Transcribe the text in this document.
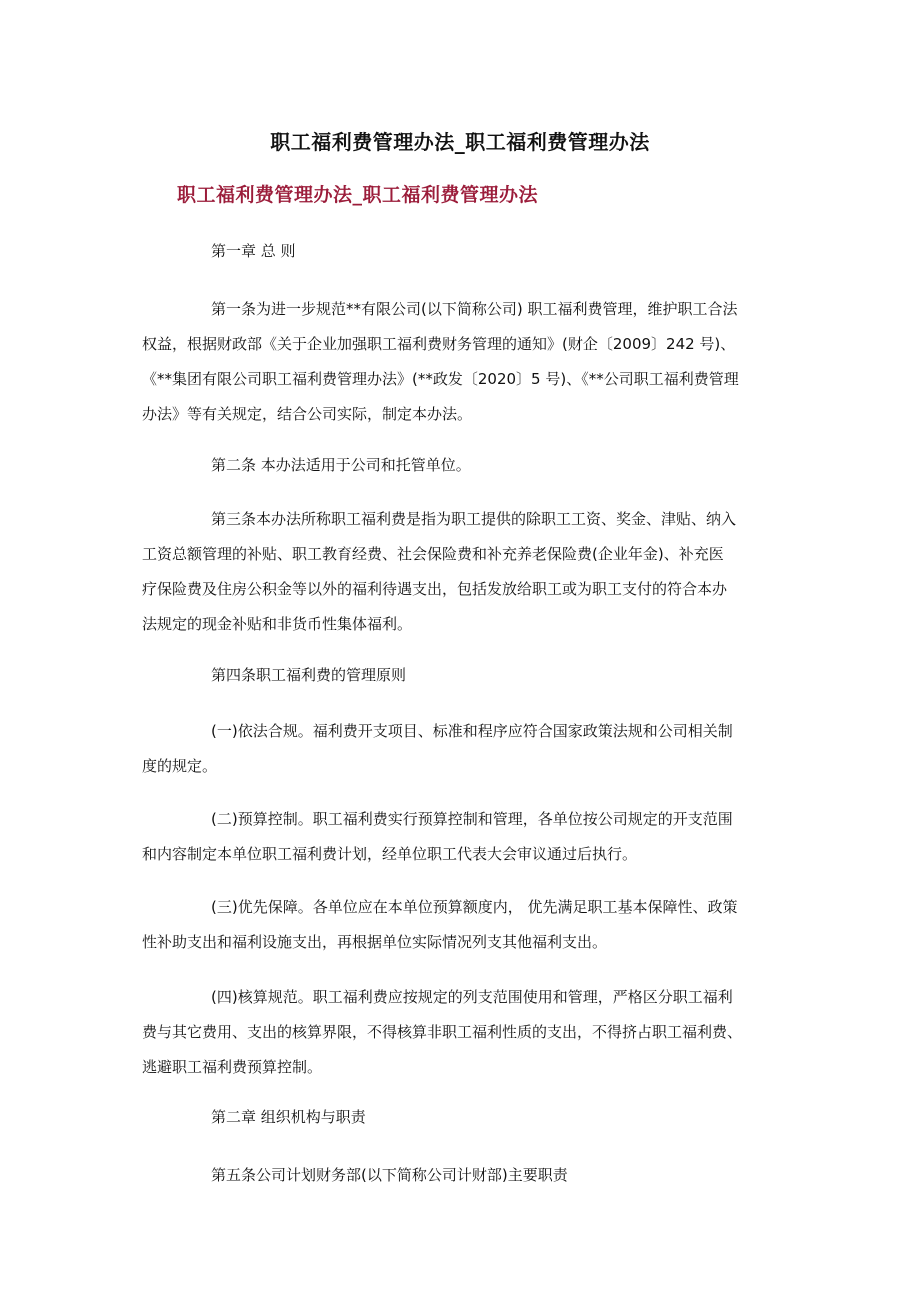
职工福利费管理办法_职工福利费管理办法
职工福利费管理办法_职工福利费管理办法

第一章 总 则

第一条为进一步规范**有限公司(以下简称公司) 职工福利费管理，维护职工合法
权益，根据财政部《关于企业加强职工福利费财务管理的通知》(财企〔2009〕242 号)、
《**集团有限公司职工福利费管理办法》(**政发〔2020〕5 号)、《**公司职工福利费管理
办法》等有关规定，结合公司实际，制定本办法。

第二条 本办法适用于公司和托管单位。

第三条本办法所称职工福利费是指为职工提供的除职工工资、奖金、津贴、纳入
工资总额管理的补贴、职工教育经费、社会保险费和补充养老保险费(企业年金)、补充医
疗保险费及住房公积金等以外的福利待遇支出，包括发放给职工或为职工支付的符合本办
法规定的现金补贴和非货币性集体福利。

第四条职工福利费的管理原则

(一)依法合规。福利费开支项目、标准和程序应符合国家政策法规和公司相关制
度的规定。

(二)预算控制。职工福利费实行预算控制和管理，各单位按公司规定的开支范围
和内容制定本单位职工福利费计划，经单位职工代表大会审议通过后执行。

(三)优先保障。各单位应在本单位预算额度内， 优先满足职工基本保障性、政策
性补助支出和福利设施支出，再根据单位实际情况列支其他福利支出。

(四)核算规范。职工福利费应按规定的列支范围使用和管理，严格区分职工福利
费与其它费用、支出的核算界限，不得核算非职工福利性质的支出，不得挤占职工福利费、
逃避职工福利费预算控制。

第二章 组织机构与职责

第五条公司计划财务部(以下简称公司计财部)主要职责
